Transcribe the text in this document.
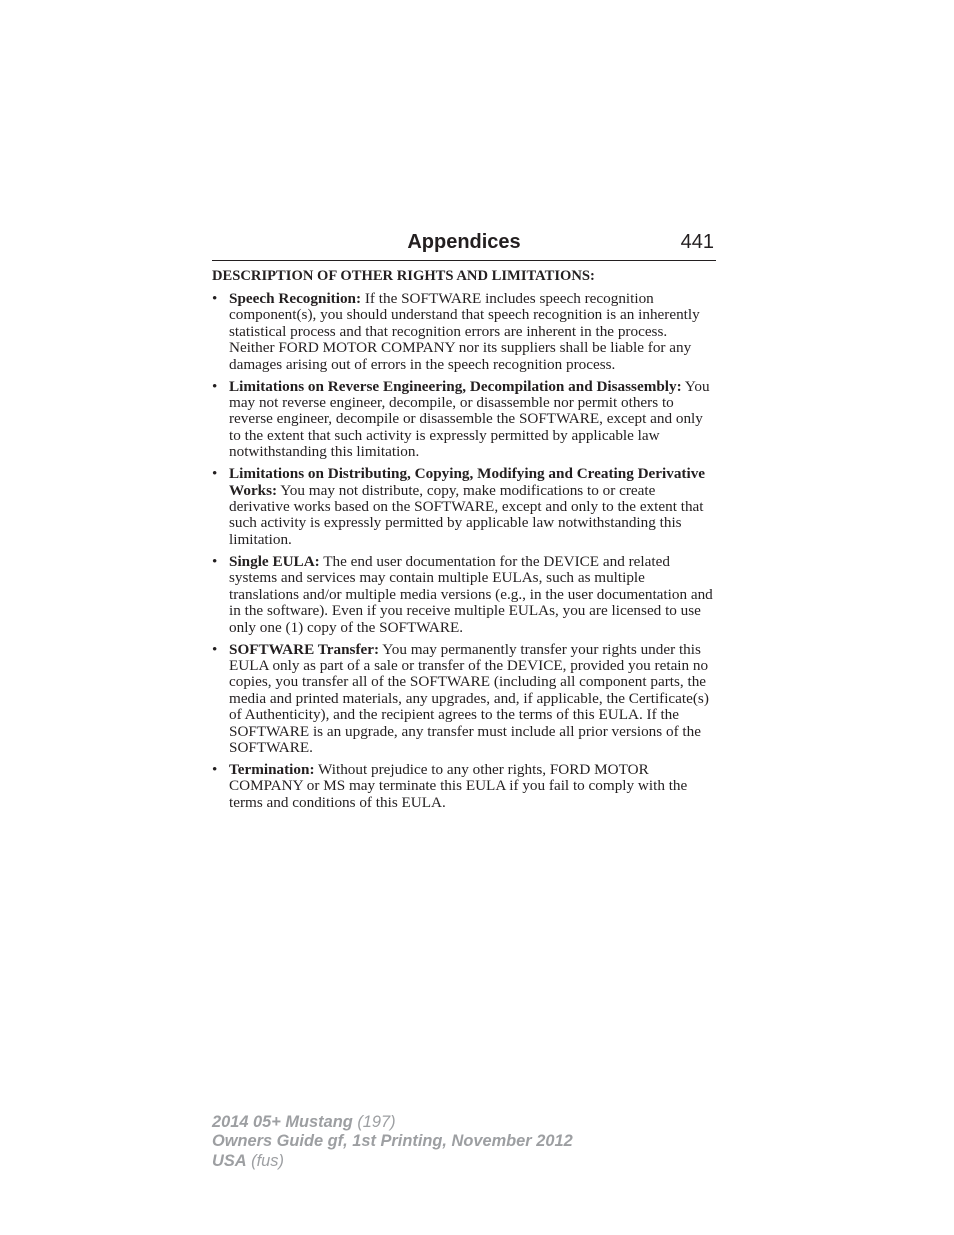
Appendices	441
DESCRIPTION OF OTHER RIGHTS AND LIMITATIONS:
• Speech Recognition: If the SOFTWARE includes speech recognition component(s), you should understand that speech recognition is an inherently statistical process and that recognition errors are inherent in the process. Neither FORD MOTOR COMPANY nor its suppliers shall be liable for any damages arising out of errors in the speech recognition process.
• Limitations on Reverse Engineering, Decompilation and Disassembly: You may not reverse engineer, decompile, or disassemble nor permit others to reverse engineer, decompile or disassemble the SOFTWARE, except and only to the extent that such activity is expressly permitted by applicable law notwithstanding this limitation.
• Limitations on Distributing, Copying, Modifying and Creating Derivative Works: You may not distribute, copy, make modifications to or create derivative works based on the SOFTWARE, except and only to the extent that such activity is expressly permitted by applicable law notwithstanding this limitation.
• Single EULA: The end user documentation for the DEVICE and related systems and services may contain multiple EULAs, such as multiple translations and/or multiple media versions (e.g., in the user documentation and in the software). Even if you receive multiple EULAs, you are licensed to use only one (1) copy of the SOFTWARE.
• SOFTWARE Transfer: You may permanently transfer your rights under this EULA only as part of a sale or transfer of the DEVICE, provided you retain no copies, you transfer all of the SOFTWARE (including all component parts, the media and printed materials, any upgrades, and, if applicable, the Certificate(s) of Authenticity), and the recipient agrees to the terms of this EULA. If the SOFTWARE is an upgrade, any transfer must include all prior versions of the SOFTWARE.
• Termination: Without prejudice to any other rights, FORD MOTOR COMPANY or MS may terminate this EULA if you fail to comply with the terms and conditions of this EULA.
2014 05+ Mustang (197)
Owners Guide gf, 1st Printing, November 2012
USA (fus)
